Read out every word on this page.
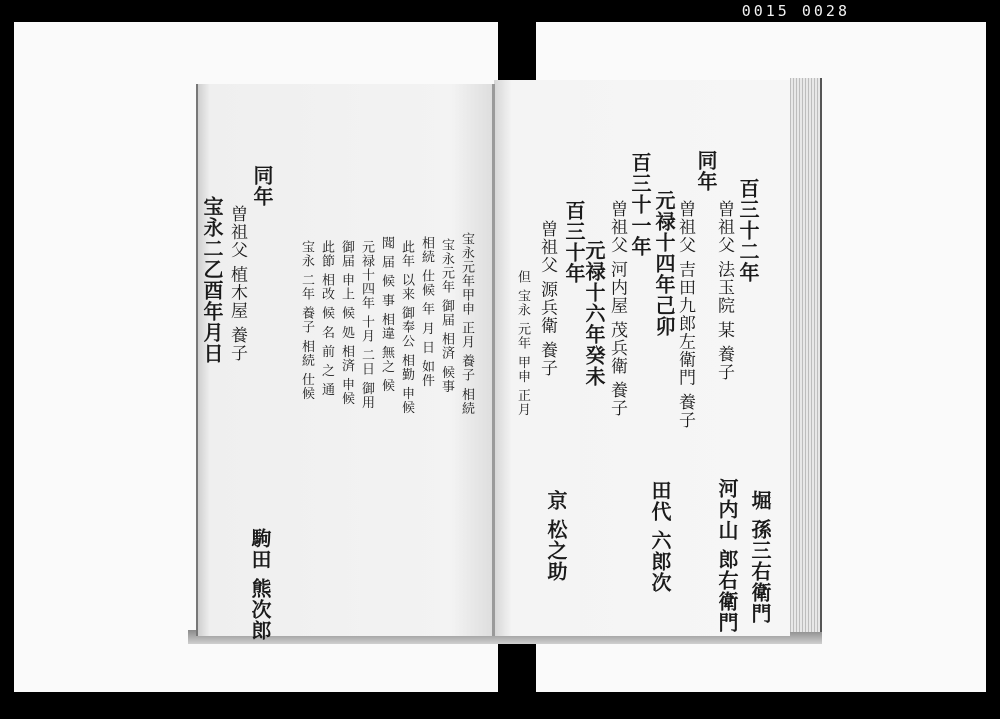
0015 0028
百三十二年
曽祖父 法玉院 某 養子
同年
曽祖父 吉田九郎左衛門 養子
元禄十四年己卯
百三十一年
曽祖父 河内屋 茂兵衛 養子
元禄十六年癸未
百三十年
曽祖父 源兵衛 養子
但 宝永 元年 甲申 正月
堀 孫三右衛門
河内山 郎右衛門
田代 六郎次
京 松之助
宝永元年甲申 正月 養子 相続
宝永元年 御届 相済 候事
相続 仕候 年 月 日 如件
此年 以来 御奉公 相勤 申候
聞 届 候 事 相違 無之 候
元禄十四年 十月 二日 御用
御届 申上 候 処 相済 申候
此節 相改 候 名 前 之 通
宝永 二年 養子 相続 仕候
同年
曽祖父 植木屋 養子
宝永二乙酉年月日
駒田 熊次郎
